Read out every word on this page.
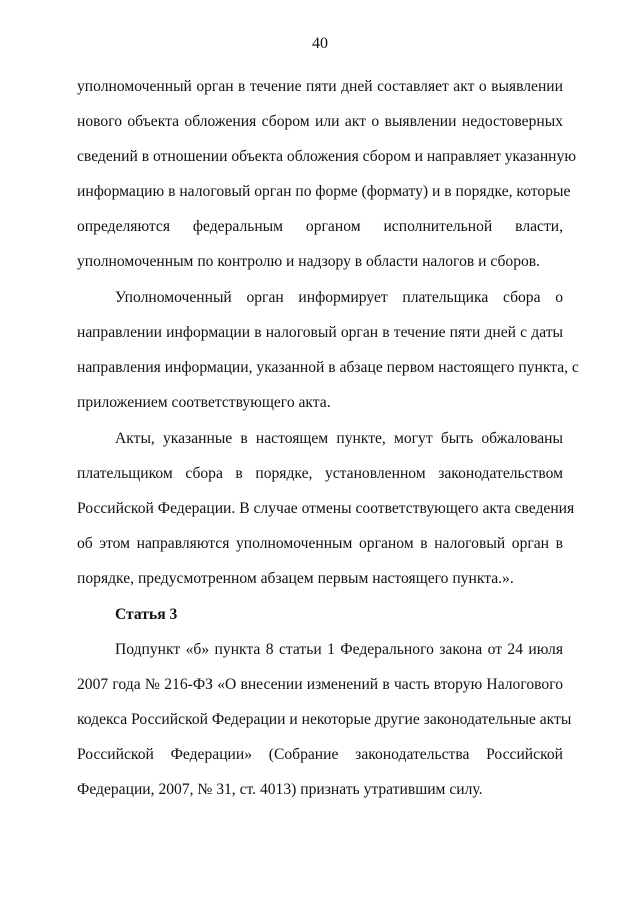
40
уполномоченный орган в течение пяти дней составляет акт о выявлении
нового объекта обложения сбором или акт о выявлении недостоверных
сведений в отношении объекта обложения сбором и направляет указанную
информацию в налоговый орган по форме (формату) и в порядке, которые
определяются федеральным органом исполнительной власти,
уполномоченным по контролю и надзору в области налогов и сборов.
Уполномоченный орган информирует плательщика сбора о
направлении информации в налоговый орган в течение пяти дней с даты
направления информации, указанной в абзаце первом настоящего пункта, с
приложением соответствующего акта.
Акты, указанные в настоящем пункте, могут быть обжалованы
плательщиком сбора в порядке, установленном законодательством
Российской Федерации. В случае отмены соответствующего акта сведения
об этом направляются уполномоченным органом в налоговый орган в
порядке, предусмотренном абзацем первым настоящего пункта.».
Статья 3
Подпункт «б» пункта 8 статьи 1 Федерального закона от 24 июля
2007 года № 216-ФЗ «О внесении изменений в часть вторую Налогового
кодекса Российской Федерации и некоторые другие законодательные акты
Российской Федерации» (Собрание законодательства Российской
Федерации, 2007, № 31, ст. 4013) признать утратившим силу.
